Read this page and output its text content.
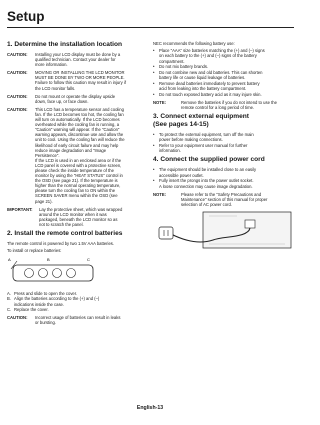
Setup
1. Determine the installation location
CAUTION:	Installing your LCD display must be done by a

qualified technician. Contact your dealer for

more information.

CAUTION:	MOVING OR INSTALLING THE LCD MONITOR

MUST BE DONE BY TWO OR MORE PEOPLE.

Failure to follow this caution may result in injury if

the LCD monitor falls.

CAUTION:	Do not mount or operate the display upside

down, face up, or face down.

CAUTION:	This LCD has a temperature sensor and cooling

fan. If the LCD becomes too hot, the cooling fan

will turn on automatically. If the LCD becomes

overheated while the cooling fan is running, a

"Caution" warning will appear. If the "Caution"

warning appears, discontinue use and allow the

unit to cool. Using the cooling fan will reduce the

likelihood of early circuit failure and may help

reduce image degradation and "Image

Persistence".

If the LCD is used in an enclosed area or if the

LCD panel is covered with a protective screen,

please check the inside temperature of the

monitor by using the "HEAT STATUS" control in

the OSD (see page 21). If the temperature is

higher than the normal operating temperature,

please turn the cooling fan to ON within the

SCREEN SAVER menu within the OSD (see

page 21).

IMPORTANT:	Lay the protective sheet, which was wrapped

around the LCD monitor when it was

packaged, beneath the LCD monitor so as

not to scratch the panel.

2. Install the remote control batteries
The remote control is powered by two 1.5V AAA batteries.
To install or replace batteries:
A	B	C
A. Press and slide to open the cover.
B. Align the batteries according to the (+) and (–)
indications inside the case.
C. Replace the cover.
CAUTION:	Incorrect usage of batteries can result in leaks

or bursting.

NEC recommends the following battery use:
•	Place "AAA" size batteries matching the (+) and (–) signs

on each battery to the (+) and (–) signs of the battery

compartment.

•	Do not mix battery brands.

•	Do not combine new and old batteries. This can shorten

battery life or cause liquid leakage of batteries.

•	Remove dead batteries immediately to prevent battery

acid from leaking into the battery compartment.

•	Do not touch exposed battery acid as it may injure skin.

NOTE:	Remove the batteries if you do not intend to use the

remote control for a long period of time.

3. Connect external equipment
(See pages 14-15)
•	To protect the external equipment, turn off the main

power before making connections.

•	Refer to your equipment user manual for further

information.

4. Connect the supplied power cord
•	The equipment should be installed close to an easily

accessible power outlet.

•	Fully insert the prongs into the power outlet socket.

A loose connection may cause image degradation.

NOTE:	Please refer to the "Safety Precautions and

Maintenance" section of this manual for proper

selection of AC power cord.

English-13
